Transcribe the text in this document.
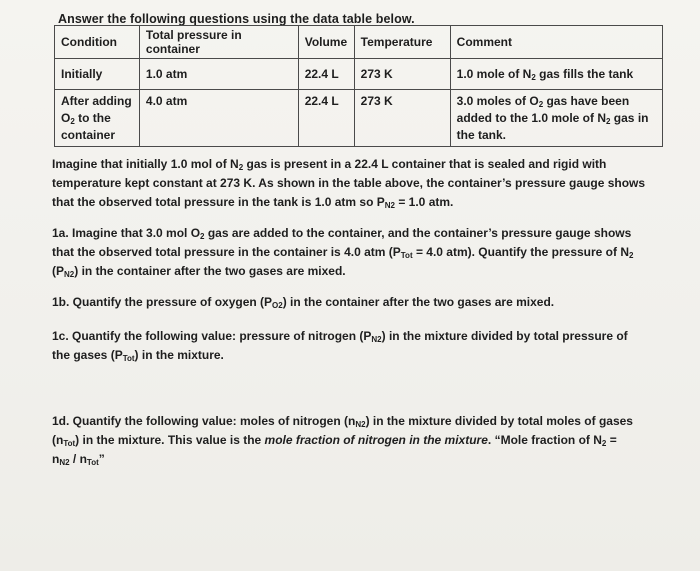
Answer the following questions using the data table below.
Condition	Total pressure in container	Volume	Temperature	Comment
Initially	1.0 atm	22.4 L	273 K	1.0 mole of $N_2$ gas fills the tank

After adding
$O_2$ to the
container	4.0 atm	22.4 L	273 K	3.0 moles of $O_2$ gas have been
added to the 1.0 mole of $N_2$ gas in
the tank.
Imagine that initially 1.0 mol of $N_2$ gas is present in a 22.4 L container that is sealed and rigid with
temperature kept constant at 273 K. As shown in the table above, the container’s pressure gauge shows
that the observed total pressure in the tank is 1.0 atm so $P_{N2} = 1.0$ atm.
1a. Imagine that 3.0 mol $O_2$ gas are added to the container, and the container’s pressure gauge shows
that the observed total pressure in the container is 4.0 atm ($P_{Tot} = 4.0$ atm). Quantify the pressure of $N_2$
$(P_{N2})$ in the container after the two gases are mixed.
1b. Quantify the pressure of oxygen $(P_{O2})$ in the container after the two gases are mixed.
1c. Quantify the following value: pressure of nitrogen $(P_{N2})$ in the mixture divided by total pressure of
the gases $(P_{Tot})$ in the mixture.
1d. Quantify the following value: moles of nitrogen $(n_{N2})$ in the mixture divided by total moles of gases
$(n_{Tot})$ in the mixture. This value is the mole fraction of nitrogen in the mixture. “Mole fraction of $N_2$ =
$n_{N2} / n_{Tot}$”
